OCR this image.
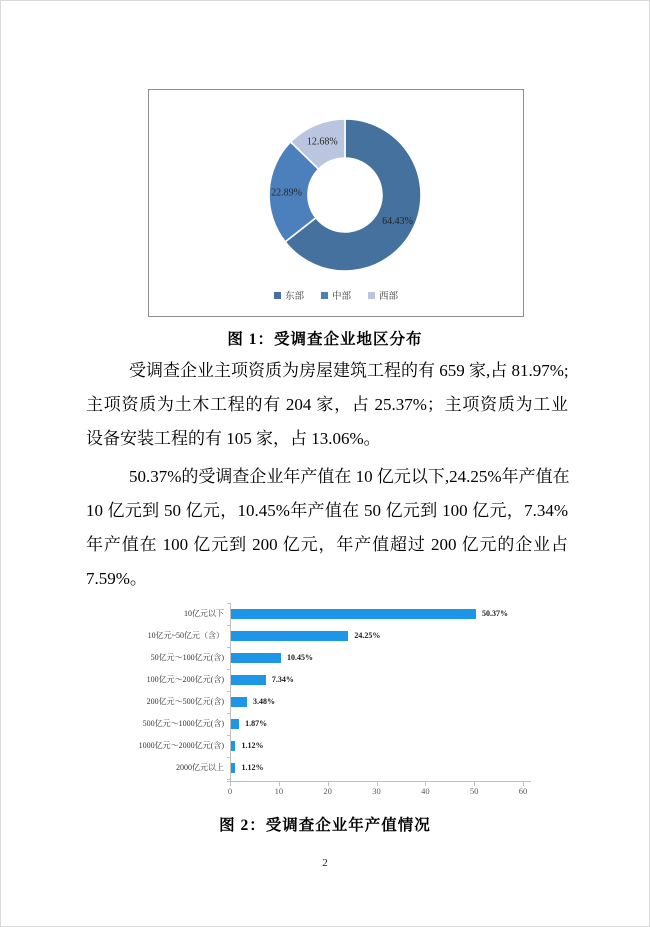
64.43%
22.89%
12.68%
东部	中部	西部
图 1：受调查企业地区分布
受调查企业主项资质为房屋建筑工程的有 659 家,占 81.97%;
主项资质为土木工程的有 204 家，占 25.37%；主项资质为工业
设备安装工程的有 105 家，占 13.06%。
50.37%的受调查企业年产值在 10 亿元以下,24.25%年产值在
10 亿元到 50 亿元，10.45%年产值在 50 亿元到 100 亿元，7.34%
年产值在 100 亿元到 200 亿元，年产值超过 200 亿元的企业占
7.59%。
10亿元以下	50.37%
10亿元~50亿元（含）	24.25%
50亿元～100亿元(含)	10.45%
100亿元～200亿元(含)	7.34%
200亿元～500亿元(含)	3.48%
500亿元～1000亿元(含)	1.87%
1000亿元～2000亿元(含) 1.12%
2000亿元以上 1.12%
0	10	20	30	40	50	60
图 2：受调查企业年产值情况
2
